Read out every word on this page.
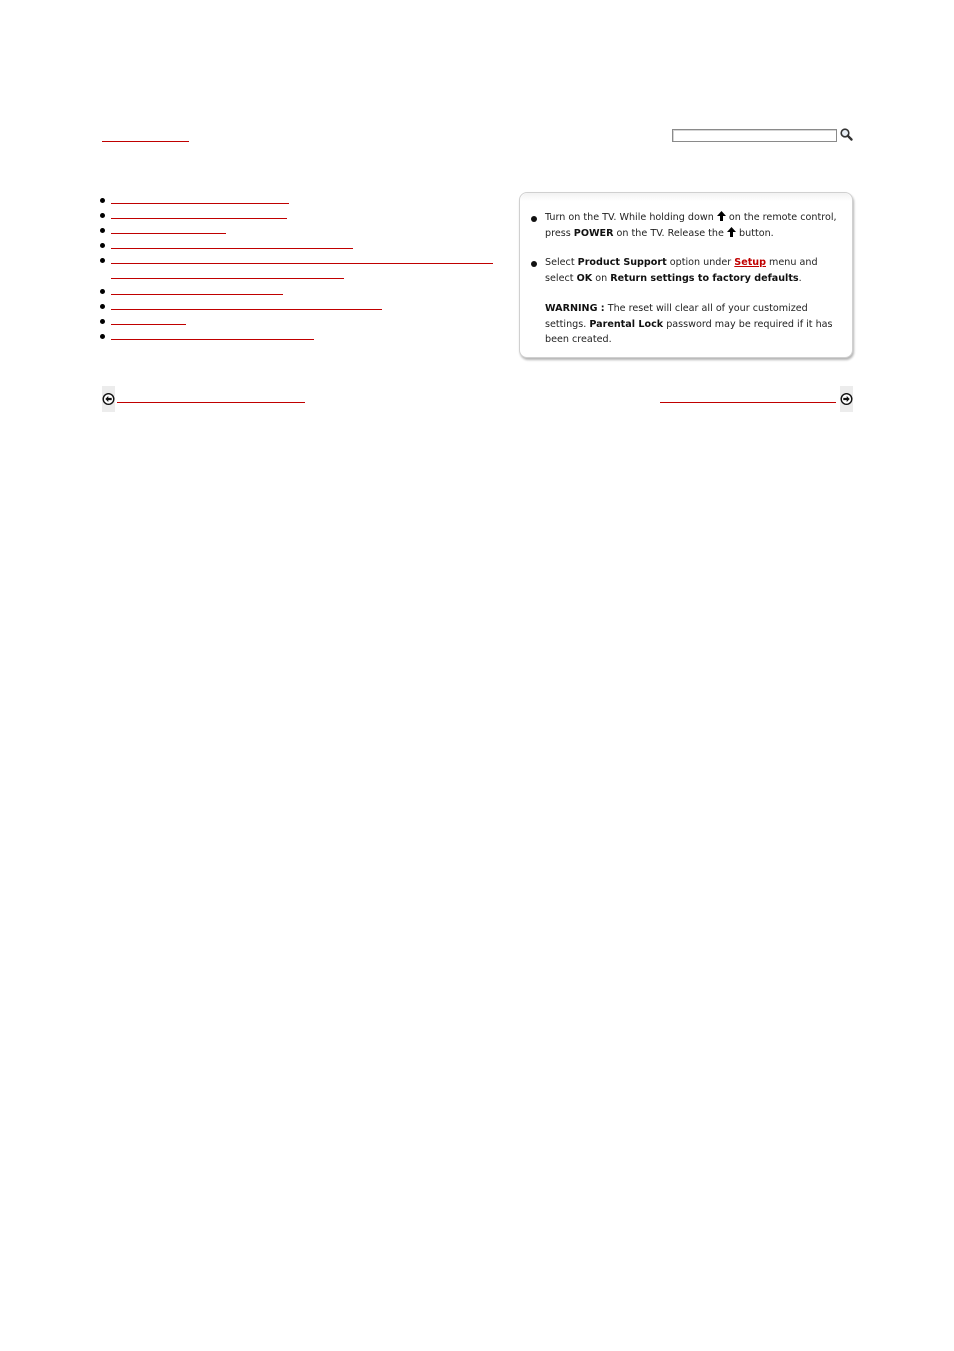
Turn on the TV. While holding down  on the remote control, press POWER on the TV. Release the  button.
Select Product Support option under Setup menu and select OK on Return settings to factory defaults.
WARNING : The reset will clear all of your customized settings. Parental Lock password may be required if it has been created.
